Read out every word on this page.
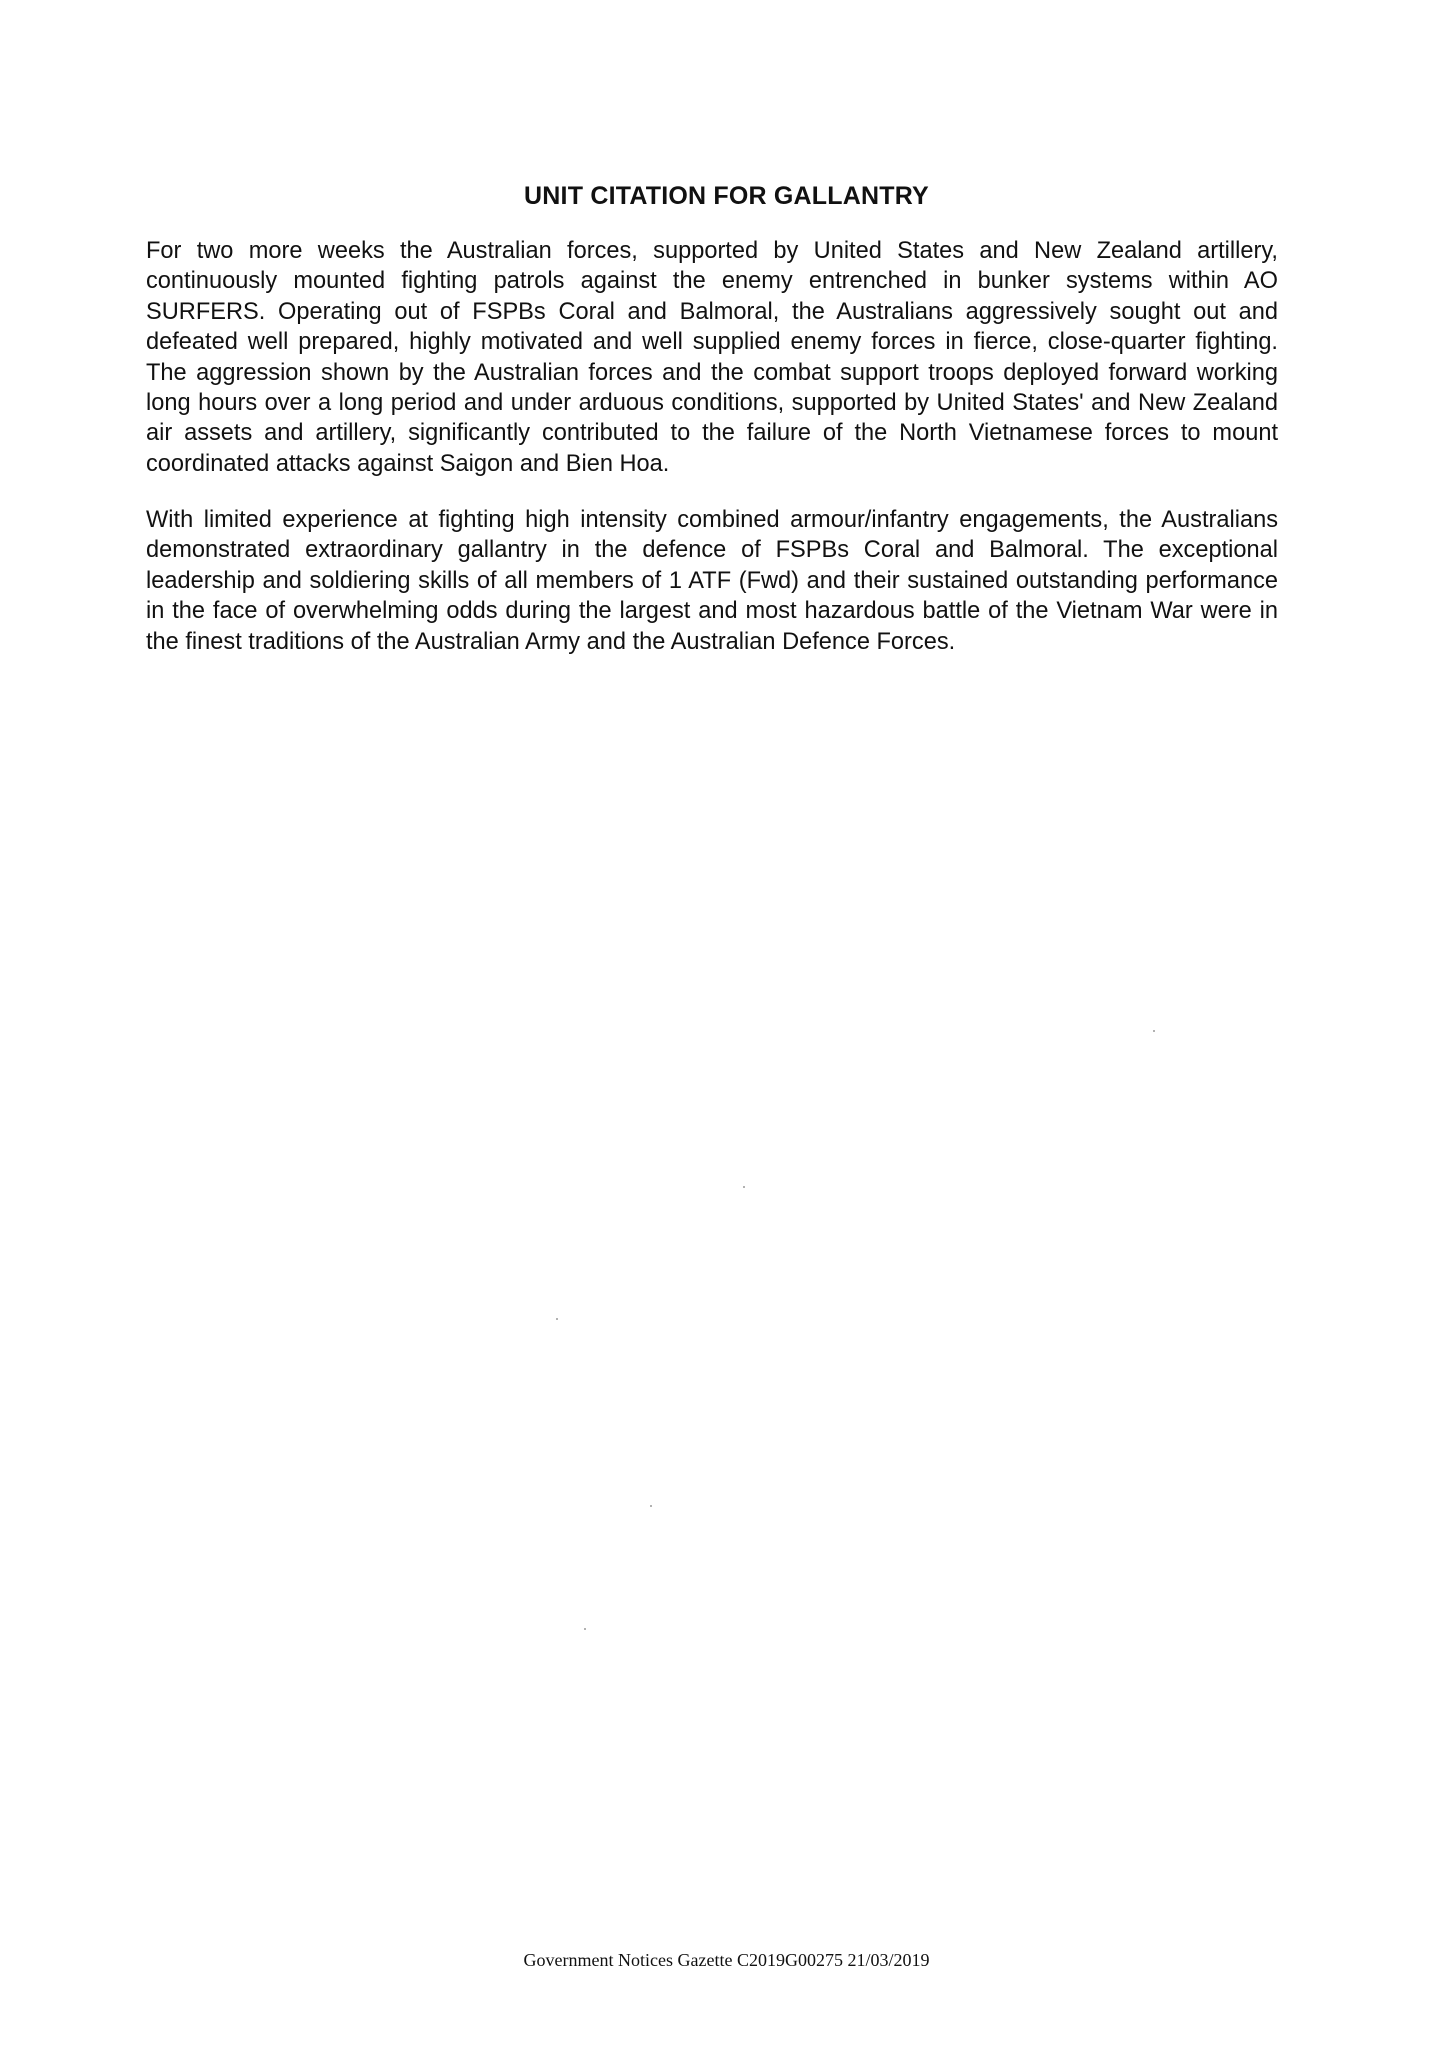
UNIT CITATION FOR GALLANTRY

For two more weeks the Australian forces, supported by United States and New Zealand artillery, continuously mounted fighting patrols against the enemy entrenched in bunker systems within AO SURFERS. Operating out of FSPBs Coral and Balmoral, the Australians aggressively sought out and defeated well prepared, highly motivated and well supplied enemy forces in fierce, close-quarter fighting. The aggression shown by the Australian forces and the combat support troops deployed forward working long hours over a long period and under arduous conditions, supported by United States' and New Zealand air assets and artillery, significantly contributed to the failure of the North Vietnamese forces to mount coordinated attacks against Saigon and Bien Hoa.

With limited experience at fighting high intensity combined armour/infantry engagements, the Australians demonstrated extraordinary gallantry in the defence of FSPBs Coral and Balmoral. The exceptional leadership and soldiering skills of all members of 1 ATF (Fwd) and their sustained outstanding performance in the face of overwhelming odds during the largest and most hazardous battle of the Vietnam War were in the finest traditions of the Australian Army and the Australian Defence Forces.

Government Notices Gazette C2019G00275 21/03/2019
